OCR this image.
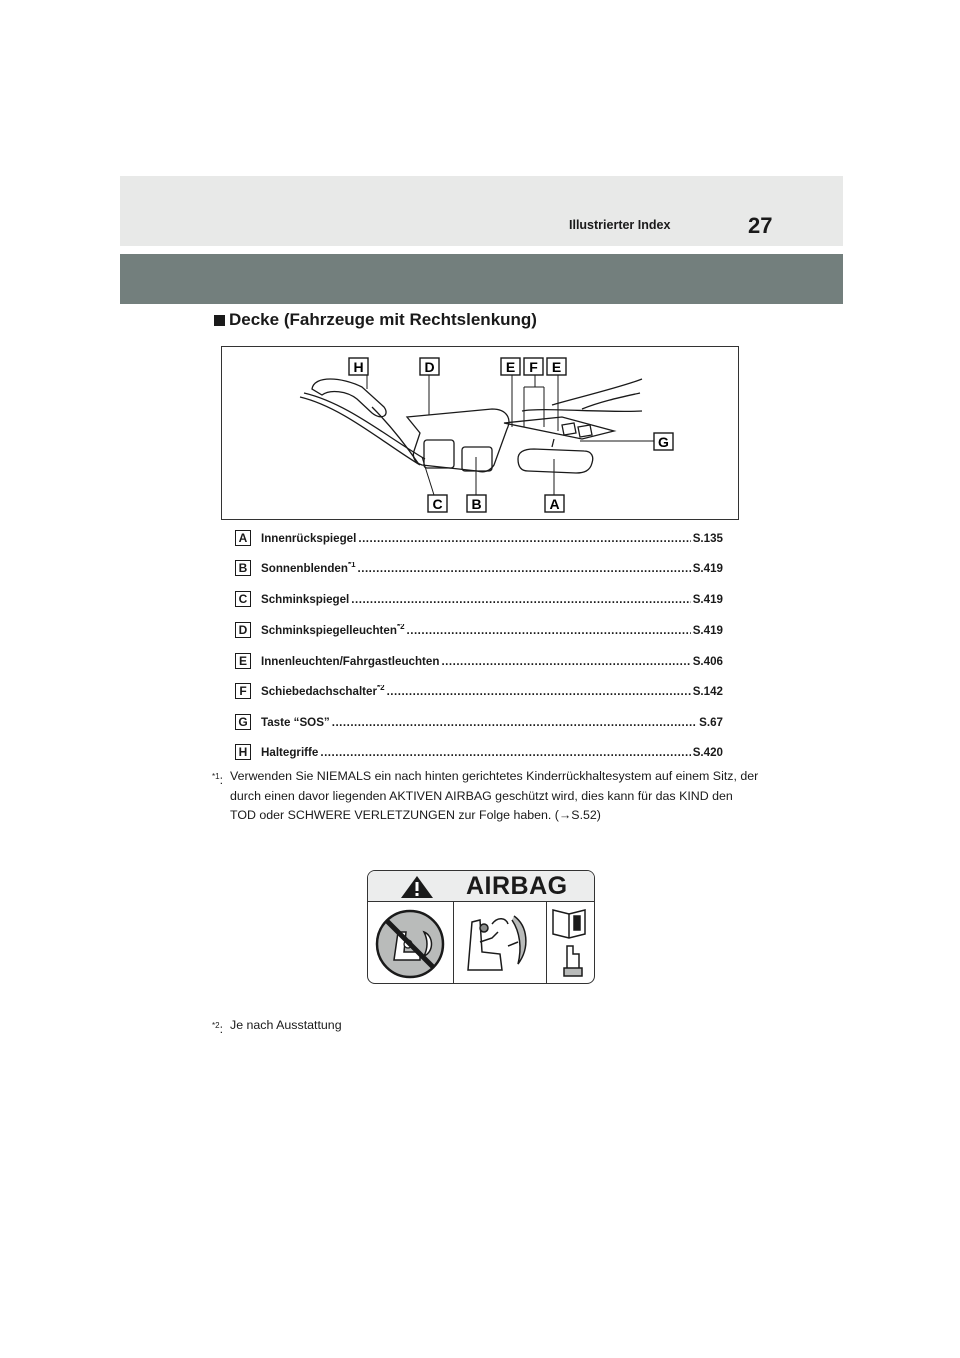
Illustrierter Index	27
Decke (Fahrzeuge mit Rechtslenkung)
H	D	E F E
G
C B	A
A	Innenrückspiegel .....	S.135
B	Sonnenblenden$^{*1}$ .....	S.419
C	Schminkspiegel .....	S.419
D	Schminkspiegelleuchten$^{*2}$ .....	S.419
E	Innenleuchten/Fahrgastleuchten .....	S.406
F	Schiebedachschalter$^{*2}$ .....	S.142
G Taste “SOS” .....	S.67
H	Haltegriffe .....	S.420
$^{*1}$: Verwenden Sie NIEMALS ein nach hinten gerichtetes Kinderrückhaltesystem auf einem Sitz, der durch einen davor liegenden AKTIVEN AIRBAG geschützt wird, dies kann für das KIND den TOD oder SCHWERE VERLETZUNGEN zur Folge haben. (→S.52)
AIRBAG
$^{*2}$: Je nach Ausstattung
